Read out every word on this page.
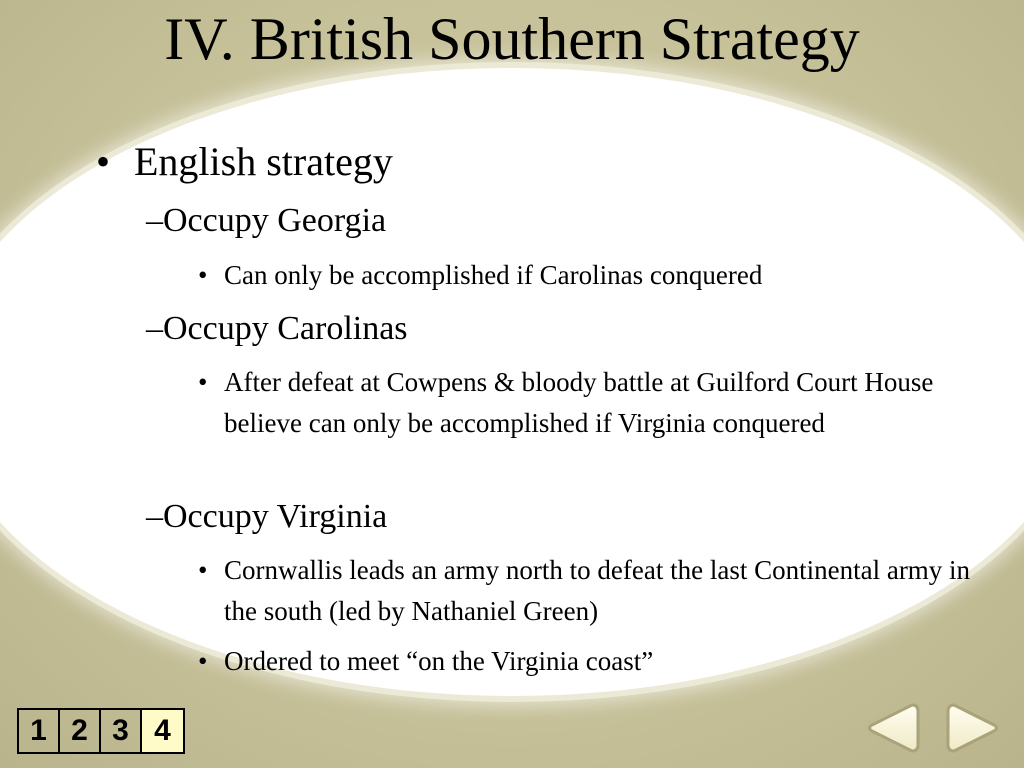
IV. British Southern Strategy
• English strategy
–Occupy Georgia
• Can only be accomplished if Carolinas conquered
–Occupy Carolinas
• After defeat at Cowpens & bloody battle at Guilford Court House believe can only be accomplished if Virginia conquered
–Occupy Virginia
• Cornwallis leads an army north to defeat the last Continental army in the south (led by Nathaniel Green)
• Ordered to meet “on the Virginia coast”
1 2 3 4
